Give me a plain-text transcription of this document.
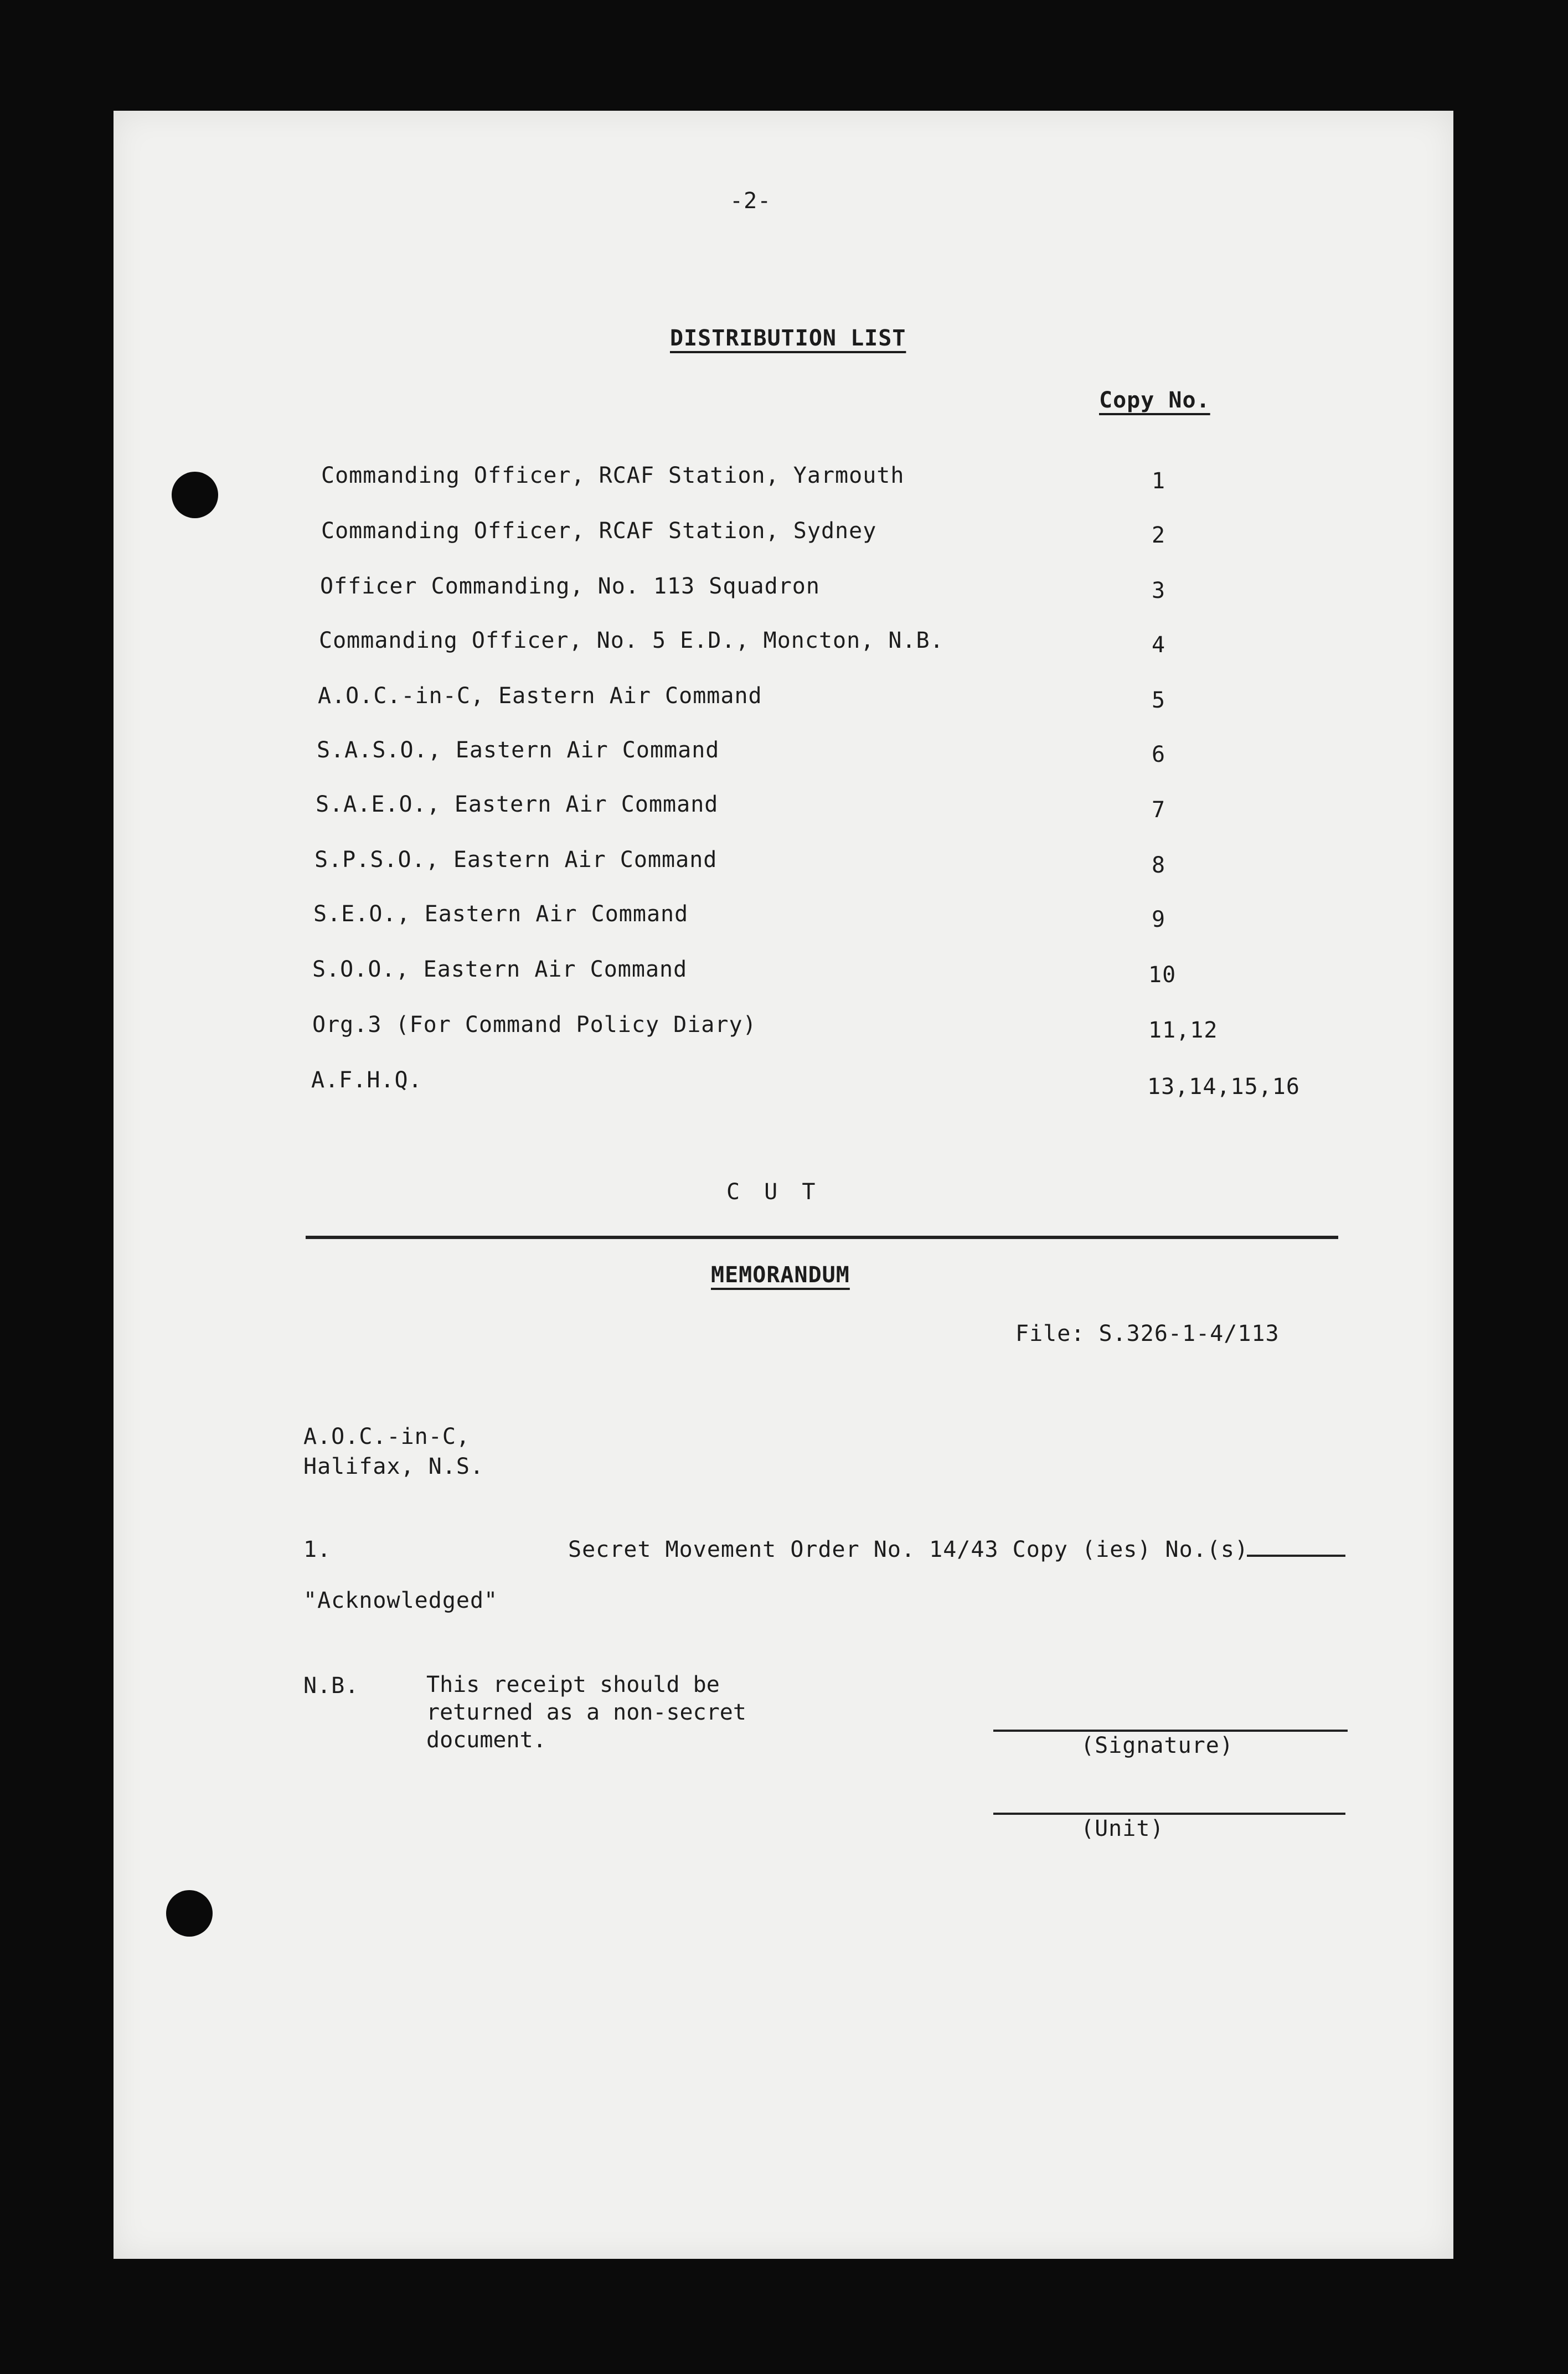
-2-
DISTRIBUTION LIST
Copy No.
Commanding Officer, RCAF Station, Yarmouth	1
Commanding Officer, RCAF Station, Sydney	2
Officer Commanding, No. 113 Squadron	3
Commanding Officer, No. 5 E.D., Moncton, N.B.	4
A.O.C.-in-C, Eastern Air Command	5
S.A.S.O., Eastern Air Command	6
S.A.E.O., Eastern Air Command	7
S.P.S.O., Eastern Air Command	8
S.E.O., Eastern Air Command	9
S.O.O., Eastern Air Command	10
Org.3 (For Command Policy Diary)	11,12
A.F.H.Q.	13,14,15,16
C U T
MEMORANDUM
File: S.326-1-4/113
A.O.C.-in-C,
Halifax, N.S.
1.	Secret Movement Order No. 14/43 Copy (ies) No.(s)
"Acknowledged"
N.B.	This receipt should be
returned as a non-secret
document.	(Signature)
(Unit)
